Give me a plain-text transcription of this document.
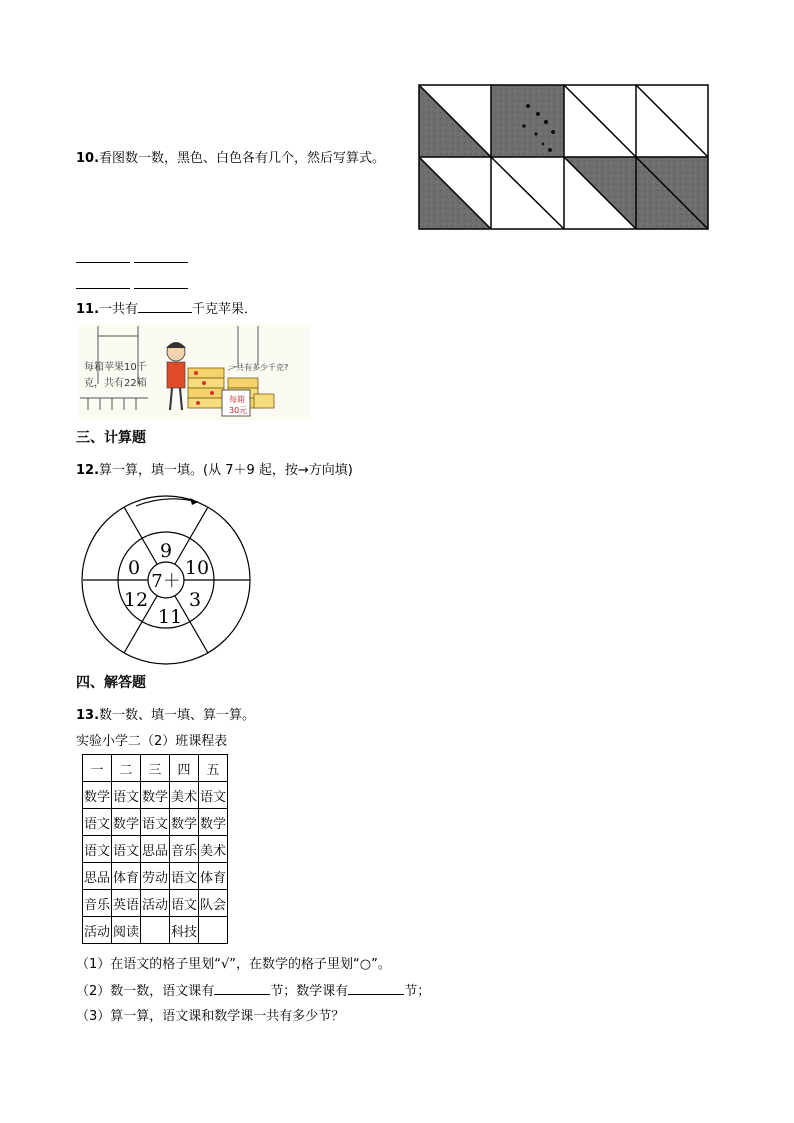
10.看图数一数，黑色、白色各有几个，然后写算式。
11.一共有	千克苹果．
每箱苹果10千
克，共有22箱
每箱
30元
一共有多少千克?
三、计算题
12.算一算，填一填。(从 7＋9 起，按→方向填)
7＋
9
10
3
11
12
0
四、解答题
13.数一数、填一填、算一算。
实验小学二（2）班课程表
一	二	三	四	五
数学	语文	数学	美术	语文
语文	数学	语文	数学	数学
语文	语文	思品	音乐	美术
思品	体育	劳动	语文	体育
音乐	英语	活动	语文	队会
活动	阅读		科技	
（1）在语文的格子里划“√”，在数学的格子里划“○”。
（2）数一数，语文课有	节；数学课有	节；
（3）算一算，语文课和数学课一共有多少节？
